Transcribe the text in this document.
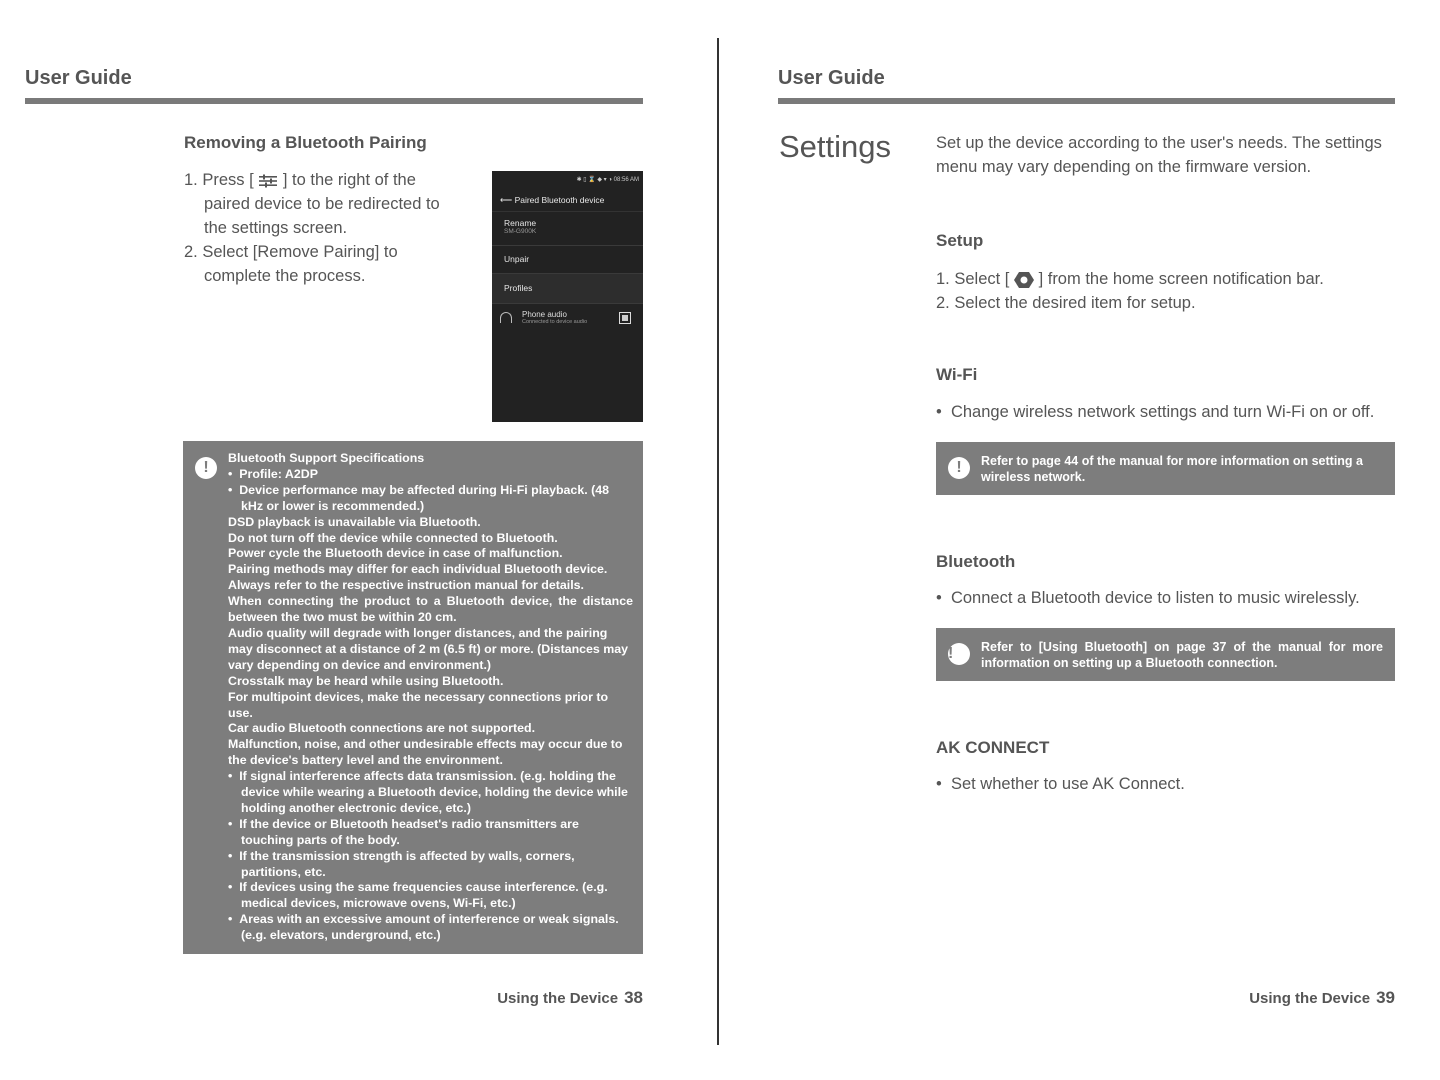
User Guide
Removing a Bluetooth Pairing
1. Press [ ] to the right of the paired device to be redirected to the settings screen.
2. Select [Remove Pairing] to complete the process.
✱ ▯ ⌛ ◆ ▾ ◑ 08:56 AM
⟵ Paired Bluetooth device
Rename
SM-G900K
Unpair
Profiles
Phone audio
Connected to device audio
!

Bluetooth Support Specifications

•  Profile: A2DP

•  Device performance may be affected during Hi-Fi playback. (48 kHz or lower is recommended.)

DSD playback is unavailable via Bluetooth.

Do not turn off the device while connected to Bluetooth.

Power cycle the Bluetooth device in case of malfunction.

Pairing methods may differ for each individual Bluetooth device. Always refer to the respective instruction manual for details.

When connecting the product to a Bluetooth device, the distance between the two must be within 20 cm.

Audio quality will degrade with longer distances, and the pairing may disconnect at a distance of 2 m (6.5 ft) or more. (Distances may vary depending on device and environment.)

Crosstalk may be heard while using Bluetooth.

For multipoint devices, make the necessary connections prior to use.

Car audio Bluetooth connections are not supported.

Malfunction, noise, and other undesirable effects may occur due to the device's battery level and the environment.

•  If signal interference affects data transmission. (e.g. holding the device while wearing a Bluetooth device, holding the device while holding another electronic device, etc.)

•  If the device or Bluetooth headset's radio transmitters are touching parts of the body.

•  If the transmission strength is affected by walls, corners, partitions, etc.

•  If devices using the same frequencies cause interference. (e.g. medical devices, microwave ovens, Wi-Fi, etc.)

•  Areas with an excessive amount of interference or weak signals. (e.g. elevators, underground, etc.)

Using the Device 38
User Guide
Settings	Set up the device according to the user's needs. The settings menu may vary depending on the firmware version.
Setup
1. Select [ ] from the home screen notification bar.
2. Select the desired item for setup.
Wi-Fi
•  Change wireless network settings and turn Wi-Fi on or off.
!	Refer to page 44 of the manual for more information on setting a wireless network.
Bluetooth
•  Connect a Bluetooth device to listen to music wirelessly.
!	Refer to [Using Bluetooth] on page 37 of the manual for more information on setting up a Bluetooth connection.
AK CONNECT
•  Set whether to use AK Connect.
Using the Device 39
